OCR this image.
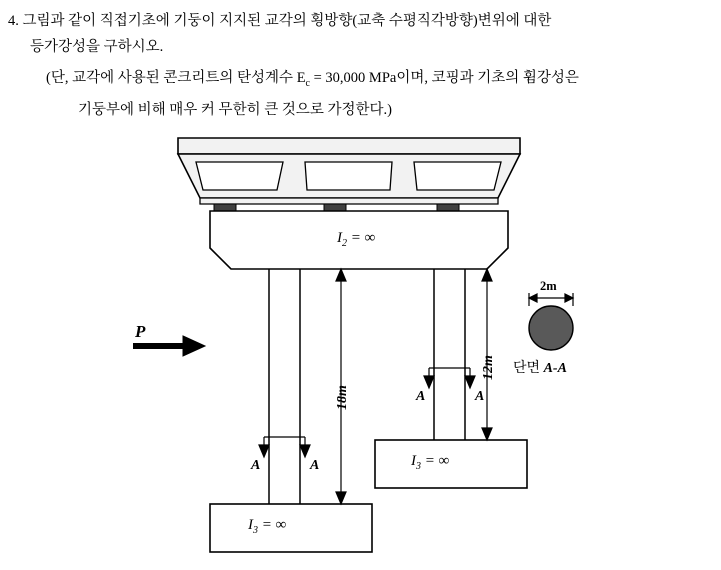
4. 그림과 같이 직접기초에 기둥이 지지된 교각의 횡방향(교축 수평직각방향)변위에 대한
등가강성을 구하시오.
(단, 교각에 사용된 콘크리트의 탄성계수 $E_c = 30,000$ MPa이며, 코핑과 기초의 휨강성은
기둥부에 비해 매우 커 무한히 큰 것으로 가정한다.)
P
$I_2$ = ∞
$I_3$ = ∞
$I_3$ = ∞
18m
12m
A	A
A	A
2m
단면 A-A
